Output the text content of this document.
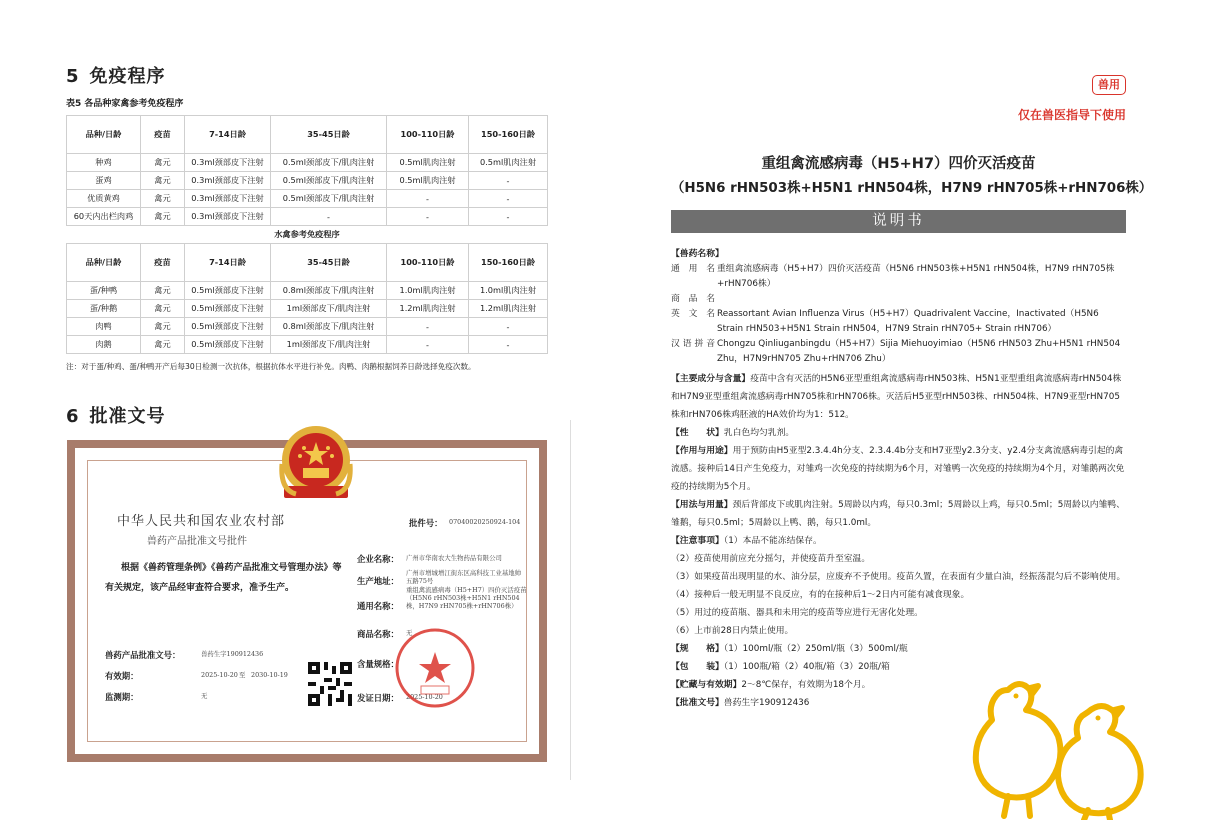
5 免疫程序
表5 各品种家禽参考免疫程序
品种/日龄	疫苗	7-14日龄	35-45日龄	100-110日龄	150-160日龄
种鸡	禽元	0.3ml颈部皮下注射	0.5ml颈部皮下/肌肉注射	0.5ml肌肉注射	0.5ml肌肉注射
蛋鸡	禽元	0.3ml颈部皮下注射	0.5ml颈部皮下/肌肉注射	0.5ml肌肉注射	-
优质黄鸡	禽元	0.3ml颈部皮下注射	0.5ml颈部皮下/肌肉注射	-	-
60天内出栏肉鸡	禽元	0.3ml颈部皮下注射	-	-	-
水禽参考免疫程序					
品种/日龄	疫苗	7-14日龄	35-45日龄	100-110日龄	150-160日龄
蛋/种鸭	禽元	0.5ml颈部皮下注射	0.8ml颈部皮下/肌肉注射	1.0ml肌肉注射	1.0ml肌肉注射
蛋/种鹅	禽元	0.5ml颈部皮下注射	1ml颈部皮下/肌肉注射	1.2ml肌肉注射	1.2ml肌肉注射
肉鸭	禽元	0.5ml颈部皮下注射	0.8ml颈部皮下/肌肉注射	-	-
肉鹅	禽元	0.5ml颈部皮下注射	1ml颈部皮下/肌肉注射	-	-
注：对于蛋/种鸡、蛋/种鸭开产后每30日检测一次抗体，根据抗体水平进行补免。肉鸭、肉鹅根据饲养日龄选择免疫次数。
6 批准文号
中华人民共和国农业农村部
兽药产品批准文号批件

根据《兽药管理条例》《兽药产品批准文号管理办法》等有关规定，该产品经审查符合要求，准予生产。

批件号： 07040020250924-104
企业名称： 广州市华南农大生物药品有限公司
生产地址：
广州市增城增江街东区高科技工业基地帅五路75号
通用名称：
重组禽流感病毒（H5+H7）四价灭活疫苗（H5N6 rHN503株+H5N1 rHN504株，H7N9 rHN705株+rHN706株）
商品名称： 无
含量规格：
发证日期： 2025-10-20
兽药产品批准文号：	兽药生字190912436
有效期：	2025-10-20 至 2030-10-19
监测期：	无
兽用
仅在兽医指导下使用
重组禽流感病毒（H5+H7）四价灭活疫苗
（H5N6 rHN503株+H5N1 rHN504株，H7N9 rHN705株+rHN706株）
说明书

【兽药名称】

通 用 名 重组禽流感病毒（H5+H7）四价灭活疫苗（H5N6 rHN503株+H5N1 rHN504株，H7N9 rHN705株+rHN706株）
商 品 名
英 文 名 Reassortant Avian Influenza Virus（H5+H7）Quadrivalent Vaccine，Inactivated（H5N6 Strain rHN503+H5N1 Strain rHN504，H7N9 Strain rHN705+ Strain rHN706）
汉语拼音 Chongzu Qinliuganbingdu（H5+H7）Sijia Miehuoyimiao（H5N6 rHN503 Zhu+H5N1 rHN504 Zhu，H7N9rHN705 Zhu+rHN706 Zhu）

【主要成分与含量】疫苗中含有灭活的H5N6亚型重组禽流感病毒rHN503株、H5N1亚型重组禽流感病毒rHN504株和H7N9亚型重组禽流感病毒rHN705株和rHN706株。灭活后H5亚型rHN503株、rHN504株、H7N9亚型rHN705株和rHN706株鸡胚液的HA效价均为1：512。

【性　　状】乳白色均匀乳剂。

【作用与用途】用于预防由H5亚型2.3.4.4h分支、2.3.4.4b分支和H7亚型y2.3分支、y2.4分支禽流感病毒引起的禽流感。接种后14日产生免疫力，对雏鸡一次免疫的持续期为6个月，对雏鸭一次免疫的持续期为4个月，对雏鹅两次免疫的持续期为5个月。

【用法与用量】颈后背部皮下或肌肉注射。5周龄以内鸡，每只0.3ml；5周龄以上鸡，每只0.5ml；5周龄以内雏鸭、雏鹅，每只0.5ml；5周龄以上鸭、鹅，每只1.0ml。

【注意事项】（1）本品不能冻结保存。

（2）疫苗使用前应充分摇匀，并使疫苗升至室温。

（3）如果疫苗出现明显的水、油分层，应废弃不予使用。疫苗久置，在表面有少量白油，经振荡混匀后不影响使用。

（4）接种后一般无明显不良反应，有的在接种后1～2日内可能有减食现象。

（5）用过的疫苗瓶、器具和未用完的疫苗等应进行无害化处理。

（6）上市前28日内禁止使用。

【规　　格】（1）100ml/瓶（2）250ml/瓶（3）500ml/瓶

【包　　装】（1）100瓶/箱（2）40瓶/箱（3）20瓶/箱

【贮藏与有效期】2～8℃保存，有效期为18个月。

【批准文号】兽药生字190912436
